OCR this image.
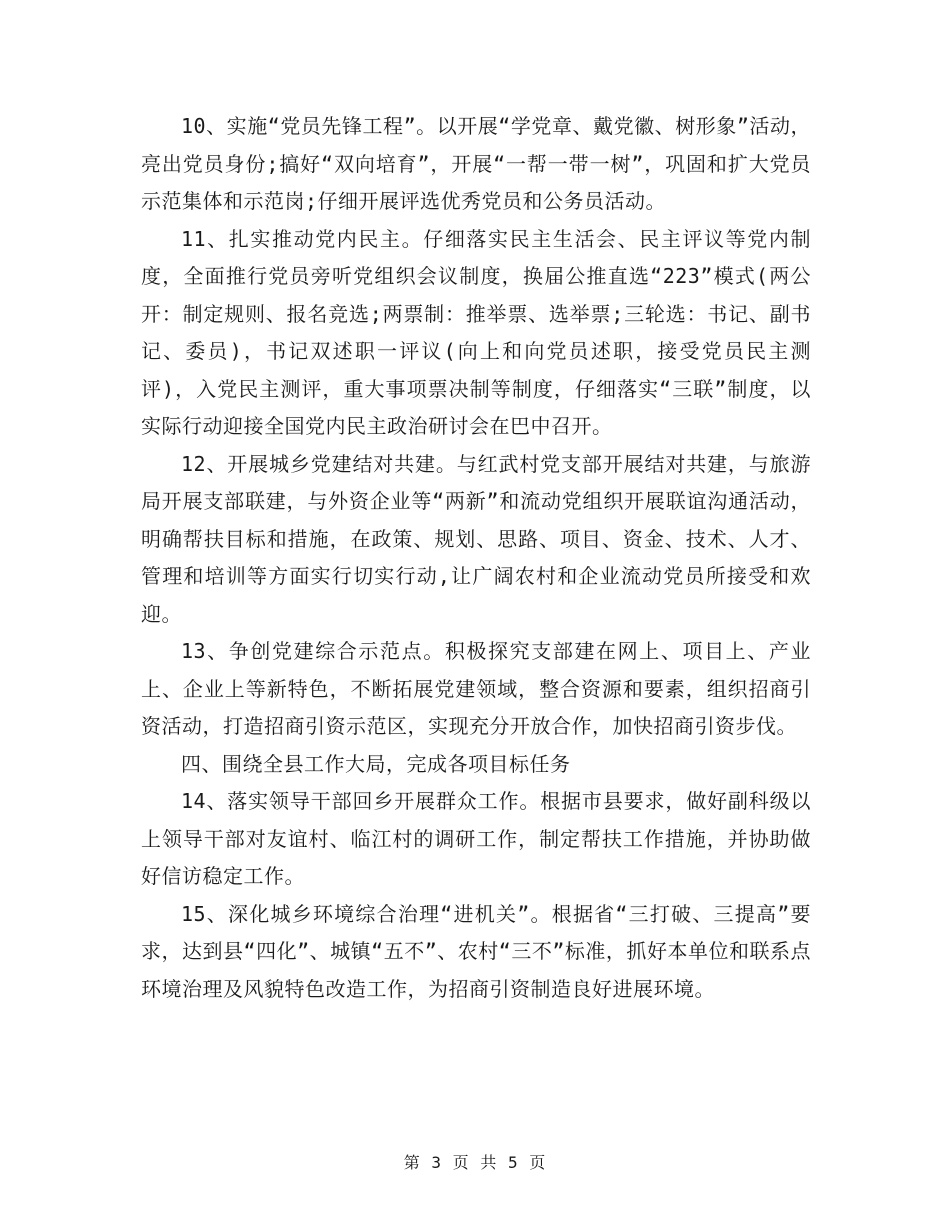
10、实施“党员先锋工程”。以开展“学党章、戴党徽、树形象”活动，亮出党员身份;搞好“双向培育”，开展“一帮一带一树”，巩固和扩大党员示范集体和示范岗;仔细开展评选优秀党员和公务员活动。

11、扎实推动党内民主。仔细落实民主生活会、民主评议等党内制度，全面推行党员旁听党组织会议制度，换届公推直选“223”模式(两公开：制定规则、报名竞选;两票制：推举票、选举票;三轮选：书记、副书记、委员)，书记双述职一评议(向上和向党员述职，接受党员民主测评)，入党民主测评，重大事项票决制等制度，仔细落实“三联”制度，以实际行动迎接全国党内民主政治研讨会在巴中召开。

12、开展城乡党建结对共建。与红武村党支部开展结对共建，与旅游局开展支部联建，与外资企业等“两新”和流动党组织开展联谊沟通活动，明确帮扶目标和措施，在政策、规划、思路、项目、资金、技术、人才、管理和培训等方面实行切实行动,让广阔农村和企业流动党员所接受和欢迎。

13、争创党建综合示范点。积极探究支部建在网上、项目上、产业上、企业上等新特色，不断拓展党建领域，整合资源和要素，组织招商引资活动，打造招商引资示范区，实现充分开放合作，加快招商引资步伐。

四、围绕全县工作大局，完成各项目标任务

14、落实领导干部回乡开展群众工作。根据市县要求，做好副科级以上领导干部对友谊村、临江村的调研工作，制定帮扶工作措施，并协助做好信访稳定工作。

15、深化城乡环境综合治理“进机关”。根据省“三打破、三提高”要求，达到县“四化”、城镇“五不”、农村“三不”标准，抓好本单位和联系点环境治理及风貌特色改造工作，为招商引资制造良好进展环境。

第 3 页 共 5 页
